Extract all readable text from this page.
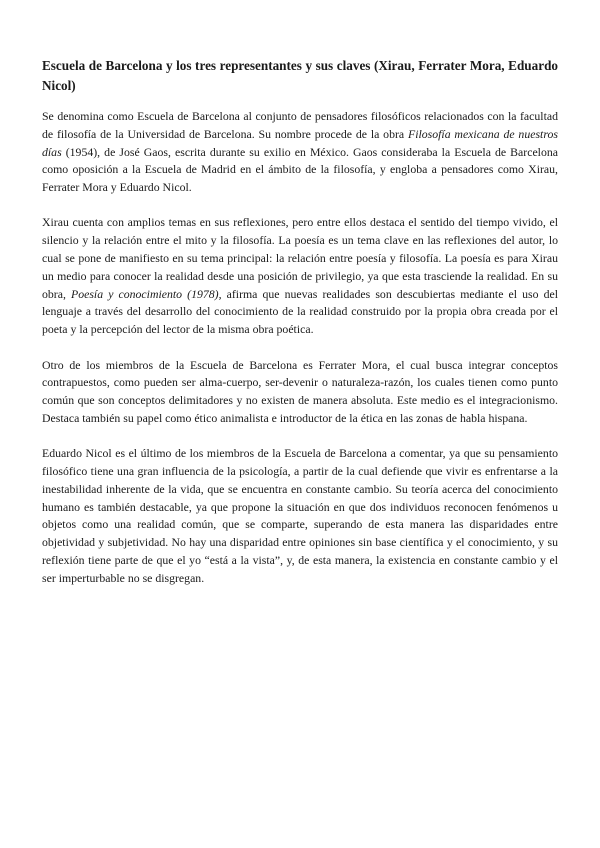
Escuela de Barcelona y los tres representantes y sus claves (Xirau, Ferrater Mora, Eduardo Nicol)

Se denomina como Escuela de Barcelona al conjunto de pensadores filosóficos relacionados con la facultad de filosofía de la Universidad de Barcelona. Su nombre procede de la obra Filosofía mexicana de nuestros días (1954), de José Gaos, escrita durante su exilio en México. Gaos consideraba la Escuela de Barcelona como oposición a la Escuela de Madrid en el ámbito de la filosofía, y engloba a pensadores como Xirau, Ferrater Mora y Eduardo Nicol.

Xirau cuenta con amplios temas en sus reflexiones, pero entre ellos destaca el sentido del tiempo vivido, el silencio y la relación entre el mito y la filosofía. La poesía es un tema clave en las reflexiones del autor, lo cual se pone de manifiesto en su tema principal: la relación entre poesía y filosofía. La poesía es para Xirau un medio para conocer la realidad desde una posición de privilegio, ya que esta trasciende la realidad. En su obra, Poesía y conocimiento (1978), afirma que nuevas realidades son descubiertas mediante el uso del lenguaje a través del desarrollo del conocimiento de la realidad construido por la propia obra creada por el poeta y la percepción del lector de la misma obra poética.

Otro de los miembros de la Escuela de Barcelona es Ferrater Mora, el cual busca integrar conceptos contrapuestos, como pueden ser alma-cuerpo, ser-devenir o naturaleza-razón, los cuales tienen como punto común que son conceptos delimitadores y no existen de manera absoluta. Este medio es el integracionismo. Destaca también su papel como ético animalista e introductor de la ética en las zonas de habla hispana.

Eduardo Nicol es el último de los miembros de la Escuela de Barcelona a comentar, ya que su pensamiento filosófico tiene una gran influencia de la psicología, a partir de la cual defiende que vivir es enfrentarse a la inestabilidad inherente de la vida, que se encuentra en constante cambio. Su teoría acerca del conocimiento humano es también destacable, ya que propone la situación en que dos individuos reconocen fenómenos u objetos como una realidad común, que se comparte, superando de esta manera las disparidades entre objetividad y subjetividad. No hay una disparidad entre opiniones sin base científica y el conocimiento, y su reflexión tiene parte de que el yo “está a la vista”, y, de esta manera, la existencia en constante cambio y el ser imperturbable no se disgregan.
